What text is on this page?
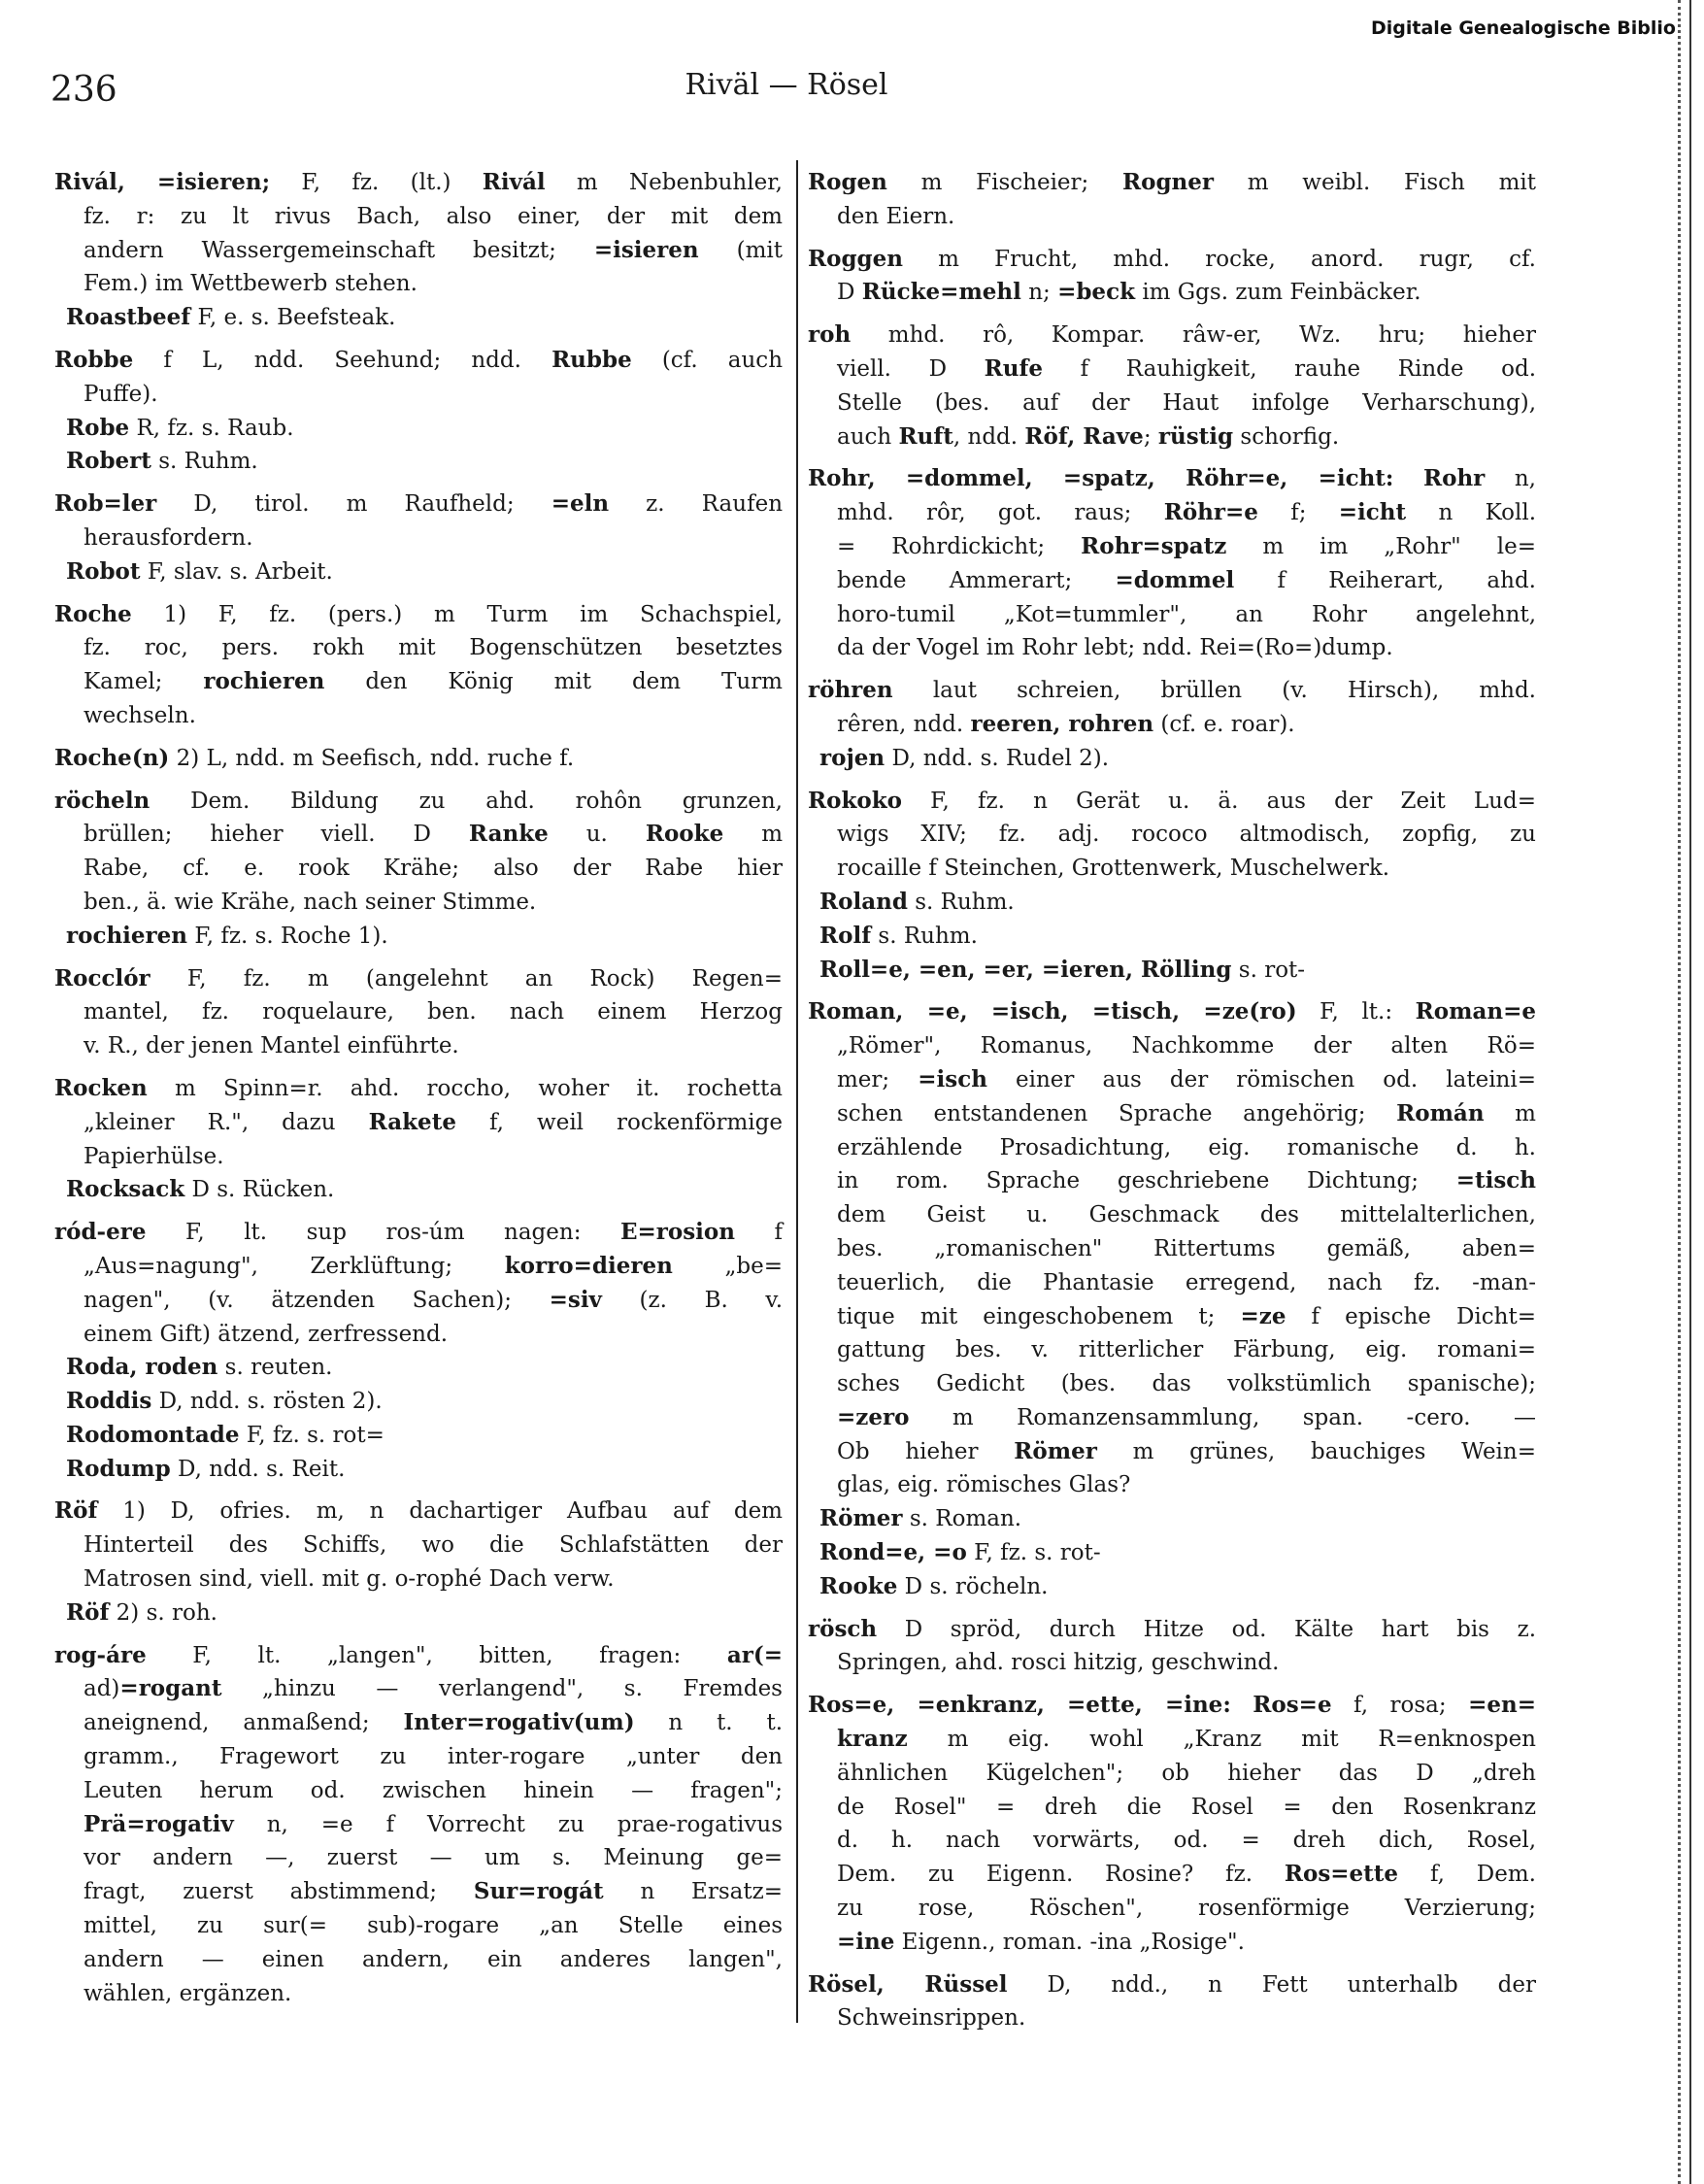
Digitale Genealogische Biblio
236	Riväl — Rösel
Rivál, =isieren; F, fz. (lt.) Rivál m Nebenbuhler,
fz. r: zu lt rivus Bach, also einer, der mit dem
andern Wassergemeinschaft besitzt; =isieren (mit
Fem.) im Wettbewerb stehen.
Roastbeef F, e. s. Beefsteak.
Robbe f L, ndd. Seehund; ndd. Rubbe (cf. auch
Puffe).
Robe R, fz. s. Raub.
Robert s. Ruhm.
Rob=ler D, tirol. m Raufheld; =eln z. Raufen
herausfordern.
Robot F, slav. s. Arbeit.
Roche 1) F, fz. (pers.) m Turm im Schachspiel,
fz. roc, pers. rokh mit Bogenschützen besetztes
Kamel; rochieren den König mit dem Turm
wechseln.
Roche(n) 2) L, ndd. m Seefisch, ndd. ruche f.
röcheln Dem. Bildung zu ahd. rohôn grunzen,
brüllen; hieher viell. D Ranke u. Rooke m
Rabe, cf. e. rook Krähe; also der Rabe hier
ben., ä. wie Krähe, nach seiner Stimme.
rochieren F, fz. s. Roche 1).
Rocclór F, fz. m (angelehnt an Rock) Regen=
mantel, fz. roquelaure, ben. nach einem Herzog
v. R., der jenen Mantel einführte.
Rocken m Spinn=r. ahd. roccho, woher it. rochetta
„kleiner R.", dazu Rakete f, weil rockenförmige
Papierhülse.
Rocksack D s. Rücken.
ród-ere F, lt. sup ros-úm nagen: E=rosion f
„Aus=nagung", Zerklüftung; korro=dieren „be=
nagen", (v. ätzenden Sachen); =siv (z. B. v.
einem Gift) ätzend, zerfressend.
Roda, roden s. reuten.
Roddis D, ndd. s. rösten 2).
Rodomontade F, fz. s. rot=
Rodump D, ndd. s. Reit.
Röf 1) D, ofries. m, n dachartiger Aufbau auf dem
Hinterteil des Schiffs, wo die Schlafstätten der
Matrosen sind, viell. mit g. o-rophé Dach verw.
Röf 2) s. roh.
rog-áre F, lt. „langen", bitten, fragen: ar(=
ad)=rogant „hinzu — verlangend", s. Fremdes
aneignend, anmaßend; Inter=rogativ(um) n t. t.
gramm., Fragewort zu inter-rogare „unter den
Leuten herum od. zwischen hinein — fragen";
Prä=rogativ n, =e f Vorrecht zu prae-rogativus
vor andern —, zuerst — um s. Meinung ge=
fragt, zuerst abstimmend; Sur=rogát n Ersatz=
mittel, zu sur(= sub)-rogare „an Stelle eines
andern — einen andern, ein anderes langen",
wählen, ergänzen.
Rogen m Fischeier; Rogner m weibl. Fisch mit
den Eiern.
Roggen m Frucht, mhd. rocke, anord. rugr, cf.
D Rücke=mehl n; =beck im Ggs. zum Feinbäcker.
roh mhd. rô, Kompar. râw-er, Wz. hru; hieher
viell. D Rufe f Rauhigkeit, rauhe Rinde od.
Stelle (bes. auf der Haut infolge Verharschung),
auch Ruft, ndd. Röf, Rave; rüstig schorfig.
Rohr, =dommel, =spatz, Röhr=e, =icht: Rohr n,
mhd. rôr, got. raus; Röhr=e f; =icht n Koll.
= Rohrdickicht; Rohr=spatz m im „Rohr" le=
bende Ammerart; =dommel f Reiherart, ahd.
horo-tumil „Kot=tummler", an Rohr angelehnt,
da der Vogel im Rohr lebt; ndd. Rei=(Ro=)dump.
röhren laut schreien, brüllen (v. Hirsch), mhd.
rêren, ndd. reeren, rohren (cf. e. roar).
rojen D, ndd. s. Rudel 2).
Rokoko F, fz. n Gerät u. ä. aus der Zeit Lud=
wigs XIV; fz. adj. rococo altmodisch, zopfig, zu
rocaille f Steinchen, Grottenwerk, Muschelwerk.
Roland s. Ruhm.
Rolf s. Ruhm.
Roll=e, =en, =er, =ieren, Rölling s. rot-
Roman, =e, =isch, =tisch, =ze(ro) F, lt.: Roman=e
„Römer", Romanus, Nachkomme der alten Rö=
mer; =isch einer aus der römischen od. lateini=
schen entstandenen Sprache angehörig; Román m
erzählende Prosadichtung, eig. romanische d. h.
in rom. Sprache geschriebene Dichtung; =tisch
dem Geist u. Geschmack des mittelalterlichen,
bes. „romanischen" Rittertums gemäß, aben=
teuerlich, die Phantasie erregend, nach fz. -man-
tique mit eingeschobenem t; =ze f epische Dicht=
gattung bes. v. ritterlicher Färbung, eig. romani=
sches Gedicht (bes. das volkstümlich spanische);
=zero m Romanzensammlung, span. -cero. —
Ob hieher Römer m grünes, bauchiges Wein=
glas, eig. römisches Glas?
Römer s. Roman.
Rond=e, =o F, fz. s. rot-
Rooke D s. röcheln.
rösch D spröd, durch Hitze od. Kälte hart bis z.
Springen, ahd. rosci hitzig, geschwind.
Ros=e, =enkranz, =ette, =ine: Ros=e f, rosa; =en=
kranz m eig. wohl „Kranz mit R=enknospen
ähnlichen Kügelchen"; ob hieher das D „dreh
de Rosel" = dreh die Rosel = den Rosenkranz
d. h. nach vorwärts, od. = dreh dich, Rosel,
Dem. zu Eigenn. Rosine? fz. Ros=ette f, Dem.
zu rose, Röschen", rosenförmige Verzierung;
=ine Eigenn., roman. -ina „Rosige".
Rösel, Rüssel D, ndd., n Fett unterhalb der
Schweinsrippen.
